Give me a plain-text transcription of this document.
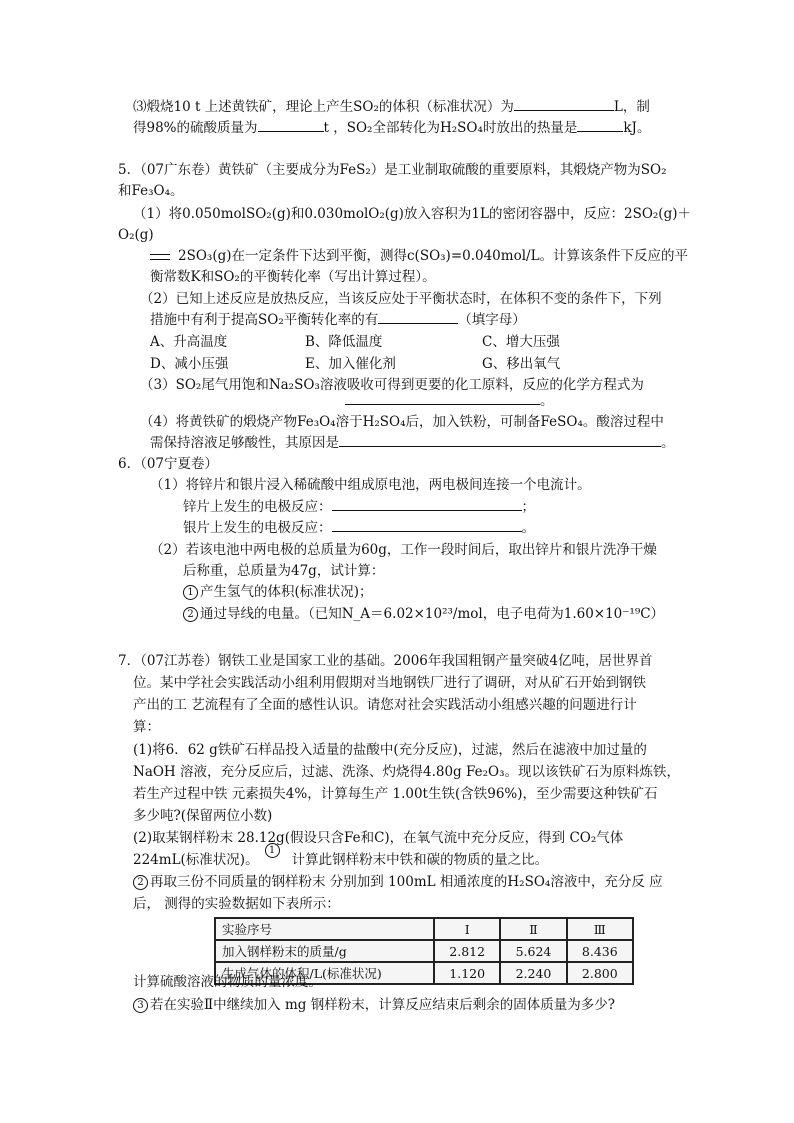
⑶煅烧10 t 上述黄铁矿，理论上产生SO₂的体积（标准状况）为	L，制
得98%的硫酸质量为	t ，SO₂全部转化为H₂SO₄时放出的热量是	kJ。
5．（07广东卷）黄铁矿（主要成分为FeS₂）是工业制取硫酸的重要原料，其煅烧产物为SO₂
和Fe₃O₄。
（1）将0.050molSO₂(g)和0.030molO₂(g)放入容积为1L的密闭容器中，反应：2SO₂(g)＋
O₂(g)
2SO₃(g)在一定条件下达到平衡，测得c(SO₃)=0.040mol/L。计算该条件下反应的平
衡常数K和SO₂的平衡转化率（写出计算过程）。
（2）已知上述反应是放热反应，当该反应处于平衡状态时，在体积不变的条件下，下列
措施中有利于提高SO₂平衡转化率的有	（填字母）
A、升高温度	B、降低温度	C、增大压强
D、减小压强	E、加入催化剂	G、移出氧气
（3）SO₂尾气用饱和Na₂SO₃溶液吸收可得到更要的化工原料，反应的化学方程式为
。
（4）将黄铁矿的煅烧产物Fe₃O₄溶于H₂SO₄后，加入铁粉，可制备FeSO₄。酸溶过程中
需保持溶液足够酸性，其原因是	。
6．（07宁夏卷）
（1）将锌片和银片浸入稀硫酸中组成原电池，两电极间连接一个电流计。
锌片上发生的电极反应：	；
银片上发生的电极反应：	。
（2）若该电池中两电极的总质量为60g，工作一段时间后，取出锌片和银片洗净干燥
后称重，总质量为47g，试计算：
1 产生氢气的体积(标准状况)；
2 通过导线的电量。（已知N_A＝6.02×10²³/mol，电子电荷为1.60×10⁻¹⁹C）
7．（07江苏卷）钢铁工业是国家工业的基础。2006年我国粗钢产量突破4亿吨，居世界首
位。某中学社会实践活动小组利用假期对当地钢铁厂进行了调研，对从矿石开始到钢铁
产出的工 艺流程有了全面的感性认识。请您对社会实践活动小组感兴趣的问题进行计
算：
(1)将6．62 g铁矿石样品投入适量的盐酸中(充分反应)，过滤，然后在滤液中加过量的
NaOH 溶液，充分反应后，过滤、洗涤、灼烧得4.80g Fe₂O₃。现以该铁矿石为原料炼铁，
若生产过程中铁 元素损失4%，计算每生产 1.00t生铁(含铁96%)，至少需要这种铁矿石
多少吨?(保留两位小数)
(2)取某钢样粉末 28.12g(假设只含Fe和C)，在氧气流中充分反应，得到 CO₂气体
224mL(标准状况)。1计算此钢样粉末中铁和碳的物质的量之比。
2 再取三份不同质量的钢样粉末 分别加到 100mL 相通浓度的H₂SO₄溶液中，充分反 应
后， 测得的实验数据如下表所示：
实验序号	Ⅰ	Ⅱ	Ⅲ
加入钢样粉末的质量/g	2.812	5.624	8.436
生成气体的体积/L(标准状况)	1.120	2.240	2.800
计算硫酸溶液的物质的量浓度。
3 若在实验Ⅱ中继续加入 mg 钢样粉末，计算反应结束后剩余的固体质量为多少?
